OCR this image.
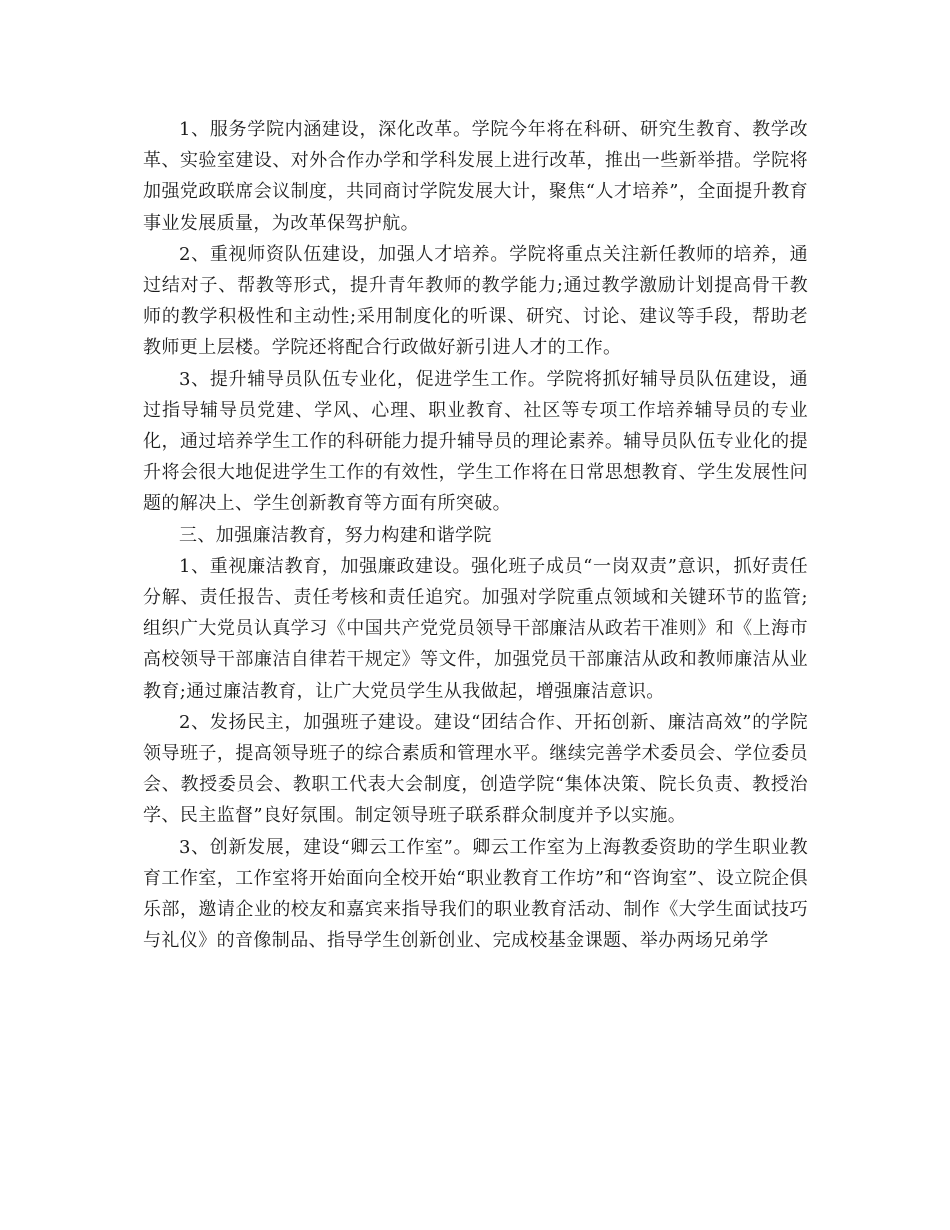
1、服务学院内涵建设，深化改革。学院今年将在科研、研究生教育、教学改革、实验室建设、对外合作办学和学科发展上进行改革，推出一些新举措。学院将加强党政联席会议制度，共同商讨学院发展大计，聚焦“人才培养”，全面提升教育事业发展质量，为改革保驾护航。

2、重视师资队伍建设，加强人才培养。学院将重点关注新任教师的培养，通过结对子、帮教等形式，提升青年教师的教学能力;通过教学激励计划提高骨干教师的教学积极性和主动性;采用制度化的听课、研究、讨论、建议等手段，帮助老教师更上层楼。学院还将配合行政做好新引进人才的工作。

3、提升辅导员队伍专业化，促进学生工作。学院将抓好辅导员队伍建设，通过指导辅导员党建、学风、心理、职业教育、社区等专项工作培养辅导员的专业化，通过培养学生工作的科研能力提升辅导员的理论素养。辅导员队伍专业化的提升将会很大地促进学生工作的有效性，学生工作将在日常思想教育、学生发展性问题的解决上、学生创新教育等方面有所突破。

三、加强廉洁教育，努力构建和谐学院

1、重视廉洁教育，加强廉政建设。强化班子成员“一岗双责”意识，抓好责任分解、责任报告、责任考核和责任追究。加强对学院重点领域和关键环节的监管;组织广大党员认真学习《中国共产党党员领导干部廉洁从政若干准则》和《上海市高校领导干部廉洁自律若干规定》等文件，加强党员干部廉洁从政和教师廉洁从业教育;通过廉洁教育，让广大党员学生从我做起，增强廉洁意识。

2、发扬民主，加强班子建设。建设“团结合作、开拓创新、廉洁高效”的学院领导班子，提高领导班子的综合素质和管理水平。继续完善学术委员会、学位委员会、教授委员会、教职工代表大会制度，创造学院“集体决策、院长负责、教授治学、民主监督”良好氛围。制定领导班子联系群众制度并予以实施。

3、创新发展，建设“卿云工作室”。卿云工作室为上海教委资助的学生职业教育工作室，工作室将开始面向全校开始“职业教育工作坊”和“咨询室”、设立院企俱乐部，邀请企业的校友和嘉宾来指导我们的职业教育活动、制作《大学生面试技巧与礼仪》的音像制品、指导学生创新创业、完成校基金课题、举办两场兄弟学
